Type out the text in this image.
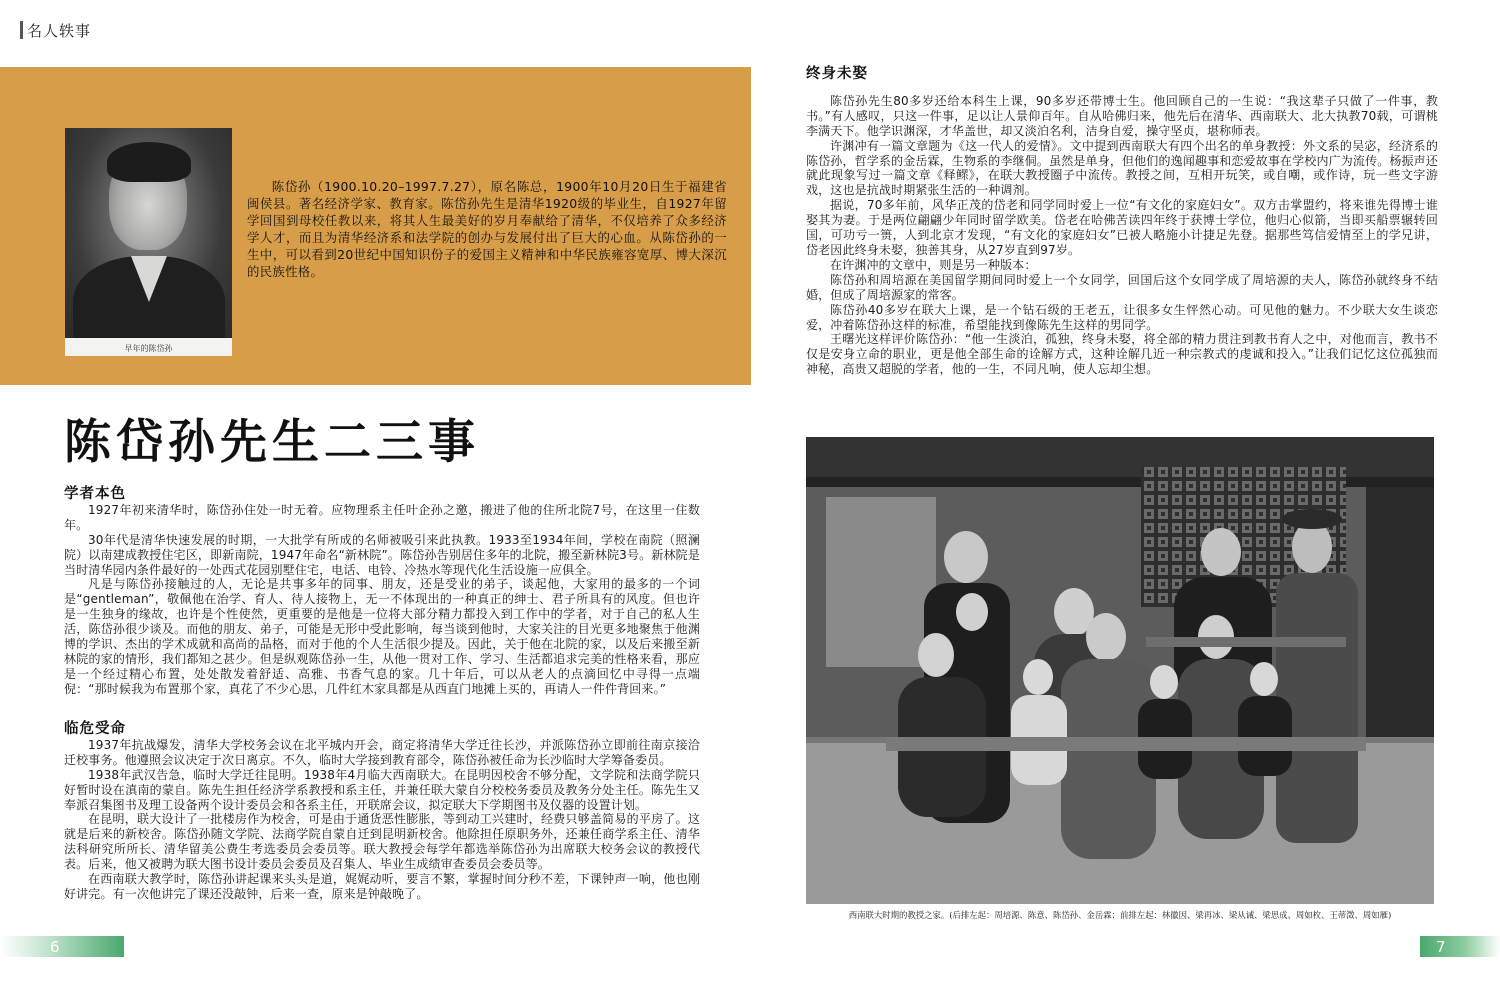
名人轶事
早年的陈岱孙
陈岱孙（1900.10.20–1997.7.27），原名陈总，1900年10月20日生于福建省闽侯县。著名经济学家、教育家。陈岱孙先生是清华1920级的毕业生，自1927年留学回国到母校任教以来，将其人生最美好的岁月奉献给了清华，不仅培养了众多经济学人才，而且为清华经济系和法学院的创办与发展付出了巨大的心血。从陈岱孙的一生中，可以看到20世纪中国知识份子的爱国主义精神和中华民族雍容宽厚、博大深沉的民族性格。
陈岱孙先生二三事
学者本色

1927年初来清华时，陈岱孙住处一时无着。应物理系主任叶企孙之邀，搬进了他的住所北院7号，在这里一住数年。

30年代是清华快速发展的时期，一大批学有所成的名师被吸引来此执教。1933至1934年间，学校在南院（照澜院）以南建成教授住宅区，即新南院，1947年命名“新林院”。陈岱孙告别居住多年的北院，搬至新林院3号。新林院是当时清华园内条件最好的一处西式花园别墅住宅，电话、电铃、冷热水等现代化生活设施一应俱全。

凡是与陈岱孙接触过的人，无论是共事多年的同事、朋友，还是受业的弟子，谈起他，大家用的最多的一个词是“gentleman”，敬佩他在治学、育人、待人接物上，无一不体现出的一种真正的绅士、君子所具有的风度。但也许是一生独身的缘故，也许是个性使然，更重要的是他是一位将大部分精力都投入到工作中的学者，对于自己的私人生活，陈岱孙很少谈及。而他的朋友、弟子，可能是无形中受此影响，每当谈到他时，大家关注的目光更多地聚焦于他渊博的学识、杰出的学术成就和高尚的品格，而对于他的个人生活很少提及。因此，关于他在北院的家，以及后来搬至新林院的家的情形，我们都知之甚少。但是纵观陈岱孙一生，从他一贯对工作、学习、生活都追求完美的性格来看，那应是一个经过精心布置，处处散发着舒适、高雅、书香气息的家。几十年后，可以从老人的点滴回忆中寻得一点端倪：“那时候我为布置那个家，真花了不少心思，几件红木家具都是从西直门地摊上买的，再请人一件件背回来。”

临危受命

1937年抗战爆发，清华大学校务会议在北平城内开会，商定将清华大学迁往长沙，并派陈岱孙立即前往南京接洽迁校事务。他遵照会议决定于次日离京。不久，临时大学接到教育部令，陈岱孙被任命为长沙临时大学筹备委员。

1938年武汉告急，临时大学迁往昆明。1938年4月临大西南联大。在昆明因校舍不够分配，文学院和法商学院只好暂时设在滇南的蒙自。陈先生担任经济学系教授和系主任，并兼任联大蒙自分校校务委员及教务分处主任。陈先生又奉派召集图书及理工设备两个设计委员会和各系主任，开联席会议，拟定联大下学期图书及仪器的设置计划。

在昆明，联大设计了一批楼房作为校舍，可是由于通货恶性膨胀，等到动工兴建时，经费只够盖简易的平房了。这就是后来的新校舍。陈岱孙随文学院、法商学院自蒙自迁到昆明新校舍。他除担任原职务外，还兼任商学系主任、清华法科研究所所长、清华留美公费生考选委员会委员等。联大教授会每学年都选举陈岱孙为出席联大校务会议的教授代表。后来，他又被聘为联大图书设计委员会委员及召集人、毕业生成绩审查委员会委员等。

在西南联大教学时，陈岱孙讲起课来头头是道，娓娓动听，要言不繁，掌握时间分秒不差，下课钟声一响，他也刚好讲完。有一次他讲完了课还没敲钟，后来一查，原来是钟敲晚了。

终身未娶

陈岱孙先生80多岁还给本科生上课，90多岁还带博士生。他回顾自己的一生说：“我这辈子只做了一件事，教书。”有人感叹，只这一件事，足以让人景仰百年。自从哈佛归来，他先后在清华、西南联大、北大执教70载，可谓桃李满天下。他学识渊深，才华盖世，却又淡泊名利，洁身自爱，操守坚贞，堪称师表。

许渊冲有一篇文章题为《这一代人的爱情》。文中提到西南联大有四个出名的单身教授：外文系的吴宓，经济系的陈岱孙，哲学系的金岳霖，生物系的李继侗。虽然是单身，但他们的逸闻趣事和恋爱故事在学校内广为流传。杨振声还就此现象写过一篇文章《释鳏》，在联大教授圈子中流传。教授之间，互相开玩笑，或自嘲，或作诗，玩一些文字游戏，这也是抗战时期紧张生活的一种调剂。

据说，70多年前，风华正茂的岱老和同学同时爱上一位“有文化的家庭妇女”。双方击掌盟约，将来谁先得博士谁娶其为妻。于是两位翩翩少年同时留学欧美。岱老在哈佛苦读四年终于获博士学位，他归心似箭，当即买船票辗转回国，可功亏一篑，人到北京才发现，“有文化的家庭妇女”已被人略施小计捷足先登。据那些笃信爱情至上的学兄讲，岱老因此终身未娶，独善其身，从27岁直到97岁。

在许渊冲的文章中，则是另一种版本：

陈岱孙和周培源在美国留学期间同时爱上一个女同学，回国后这个女同学成了周培源的夫人，陈岱孙就终身不结婚，但成了周培源家的常客。

陈岱孙40多岁在联大上课，是一个钻石级的王老五，让很多女生怦然心动。可见他的魅力。不少联大女生谈恋爱，冲着陈岱孙这样的标准，希望能找到像陈先生这样的男同学。

王曙光这样评价陈岱孙：“他一生淡泊，孤独，终身未娶，将全部的精力贯注到教书育人之中，对他而言，教书不仅是安身立命的职业，更是他全部生命的诠解方式，这种诠解几近一种宗教式的虔诚和投入。”让我们记忆这位孤独而神秘，高贵又超脱的学者，他的一生，不同凡响，使人忘却尘想。

西南联大时期的教授之家。(后排左起：周培源、陈意、陈岱孙、金岳霖；前排左起：林徽因、梁再冰、梁从诫、梁思成、周如枚、王蒂澂、周如雁)
6	7
